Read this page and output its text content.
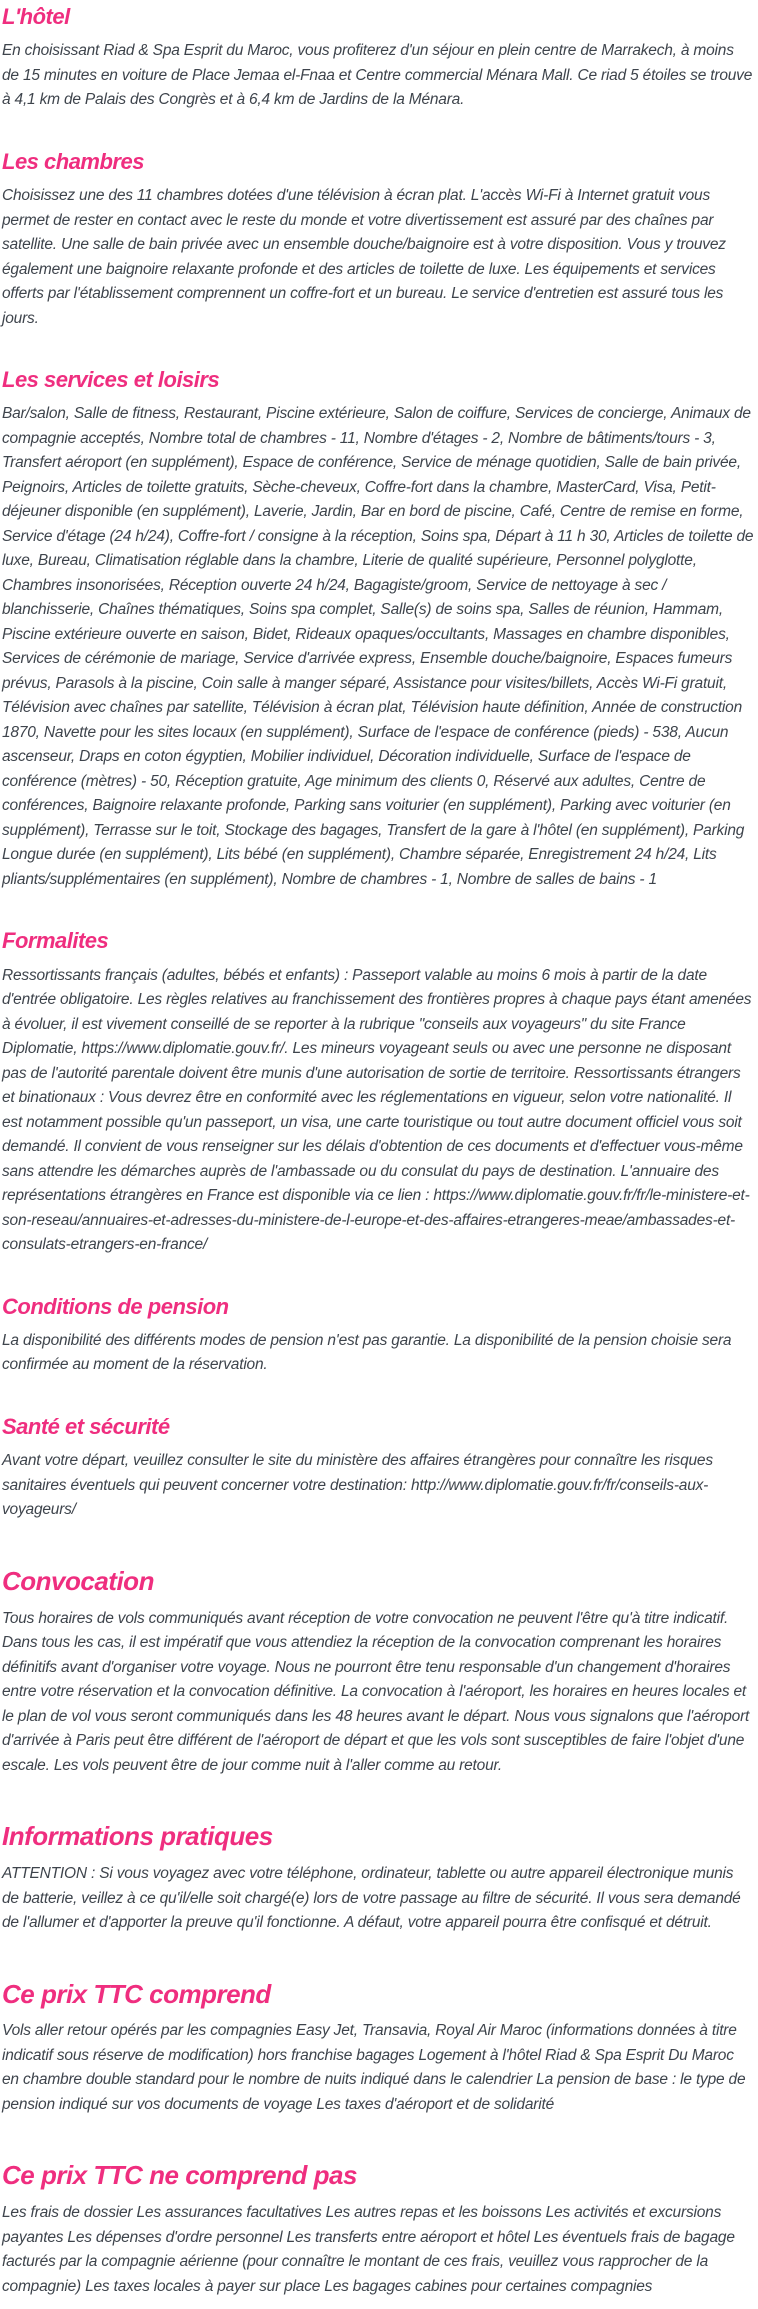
L'hôtel

En choisissant Riad & Spa Esprit du Maroc, vous profiterez d'un séjour en plein centre de Marrakech, à moins de 15 minutes en voiture de Place Jemaa el-Fnaa et Centre commercial Ménara Mall. Ce riad 5 étoiles se trouve à 4,1 km de Palais des Congrès et à 6,4 km de Jardins de la Ménara.

Les chambres

Choisissez une des 11 chambres dotées d'une télévision à écran plat. L'accès Wi-Fi à Internet gratuit vous permet de rester en contact avec le reste du monde et votre divertissement est assuré par des chaînes par satellite. Une salle de bain privée avec un ensemble douche/baignoire est à votre disposition. Vous y trouvez également une baignoire relaxante profonde et des articles de toilette de luxe. Les équipements et services offerts par l'établissement comprennent un coffre-fort et un bureau. Le service d'entretien est assuré tous les jours.

Les services et loisirs

Bar/salon, Salle de fitness, Restaurant, Piscine extérieure, Salon de coiffure, Services de concierge, Animaux de compagnie acceptés, Nombre total de chambres - 11, Nombre d'étages - 2, Nombre de bâtiments/tours - 3, Transfert aéroport (en supplément), Espace de conférence, Service de ménage quotidien, Salle de bain privée, Peignoirs, Articles de toilette gratuits, Sèche-cheveux, Coffre-fort dans la chambre, MasterCard, Visa, Petit-déjeuner disponible (en supplément), Laverie, Jardin, Bar en bord de piscine, Café, Centre de remise en forme, Service d'étage (24 h/24), Coffre-fort / consigne à la réception, Soins spa, Départ à 11 h 30, Articles de toilette de luxe, Bureau, Climatisation réglable dans la chambre, Literie de qualité supérieure, Personnel polyglotte, Chambres insonorisées, Réception ouverte 24 h/24, Bagagiste/groom, Service de nettoyage à sec / blanchisserie, Chaînes thématiques, Soins spa complet, Salle(s) de soins spa, Salles de réunion, Hammam, Piscine extérieure ouverte en saison, Bidet, Rideaux opaques/occultants, Massages en chambre disponibles, Services de cérémonie de mariage, Service d'arrivée express, Ensemble douche/baignoire, Espaces fumeurs prévus, Parasols à la piscine, Coin salle à manger séparé, Assistance pour visites/billets, Accès Wi-Fi gratuit, Télévision avec chaînes par satellite, Télévision à écran plat, Télévision haute définition, Année de construction 1870, Navette pour les sites locaux (en supplément), Surface de l'espace de conférence (pieds) - 538, Aucun ascenseur, Draps en coton égyptien, Mobilier individuel, Décoration individuelle, Surface de l'espace de conférence (mètres) - 50, Réception gratuite, Age minimum des clients 0, Réservé aux adultes, Centre de conférences, Baignoire relaxante profonde, Parking sans voiturier (en supplément), Parking avec voiturier (en supplément), Terrasse sur le toit, Stockage des bagages, Transfert de la gare à l'hôtel (en supplément), Parking Longue durée (en supplément), Lits bébé (en supplément), Chambre séparée, Enregistrement 24 h/24, Lits pliants/supplémentaires (en supplément), Nombre de chambres - 1, Nombre de salles de bains - 1

Formalites

Ressortissants français (adultes, bébés et enfants) : Passeport valable au moins 6 mois à partir de la date d'entrée obligatoire. Les règles relatives au franchissement des frontières propres à chaque pays étant amenées à évoluer, il est vivement conseillé de se reporter à la rubrique "conseils aux voyageurs" du site France Diplomatie, https://www.diplomatie.gouv.fr/. Les mineurs voyageant seuls ou avec une personne ne disposant pas de l'autorité parentale doivent être munis d'une autorisation de sortie de territoire. Ressortissants étrangers et binationaux : Vous devrez être en conformité avec les réglementations en vigueur, selon votre nationalité. Il est notamment possible qu'un passeport, un visa, une carte touristique ou tout autre document officiel vous soit demandé. Il convient de vous renseigner sur les délais d'obtention de ces documents et d'effectuer vous-même sans attendre les démarches auprès de l'ambassade ou du consulat du pays de destination. L'annuaire des représentations étrangères en France est disponible via ce lien : https://www.diplomatie.gouv.fr/fr/le-ministere-et-son-reseau/annuaires-et-adresses-du-ministere-de-l-europe-et-des-affaires-etrangeres-meae/ambassades-et-consulats-etrangers-en-france/

Conditions de pension

La disponibilité des différents modes de pension n'est pas garantie. La disponibilité de la pension choisie sera confirmée au moment de la réservation.

Santé et sécurité

Avant votre départ, veuillez consulter le site du ministère des affaires étrangères pour connaître les risques sanitaires éventuels qui peuvent concerner votre destination: http://www.diplomatie.gouv.fr/fr/conseils-aux-voyageurs/

Convocation

Tous horaires de vols communiqués avant réception de votre convocation ne peuvent l'être qu'à titre indicatif. Dans tous les cas, il est impératif que vous attendiez la réception de la convocation comprenant les horaires définitifs avant d'organiser votre voyage. Nous ne pourront être tenu responsable d'un changement d'horaires entre votre réservation et la convocation définitive. La convocation à l'aéroport, les horaires en heures locales et le plan de vol vous seront communiqués dans les 48 heures avant le départ. Nous vous signalons que l'aéroport d'arrivée à Paris peut être différent de l'aéroport de départ et que les vols sont susceptibles de faire l'objet d'une escale. Les vols peuvent être de jour comme nuit à l'aller comme au retour.

Informations pratiques

ATTENTION : Si vous voyagez avec votre téléphone, ordinateur, tablette ou autre appareil électronique munis de batterie, veillez à ce qu'il/elle soit chargé(e) lors de votre passage au filtre de sécurité. Il vous sera demandé de l'allumer et d'apporter la preuve qu'il fonctionne. A défaut, votre appareil pourra être confisqué et détruit.

Ce prix TTC comprend

Vols aller retour opérés par les compagnies Easy Jet, Transavia, Royal Air Maroc (informations données à titre indicatif sous réserve de modification) hors franchise bagages Logement à l'hôtel Riad & Spa Esprit Du Maroc en chambre double standard pour le nombre de nuits indiqué dans le calendrier La pension de base : le type de pension indiqué sur vos documents de voyage Les taxes d'aéroport et de solidarité

Ce prix TTC ne comprend pas

Les frais de dossier Les assurances facultatives Les autres repas et les boissons Les activités et excursions payantes Les dépenses d'ordre personnel Les transferts entre aéroport et hôtel Les éventuels frais de bagage facturés par la compagnie aérienne (pour connaître le montant de ces frais, veuillez vous rapprocher de la compagnie) Les taxes locales à payer sur place Les bagages cabines pour certaines compagnies
